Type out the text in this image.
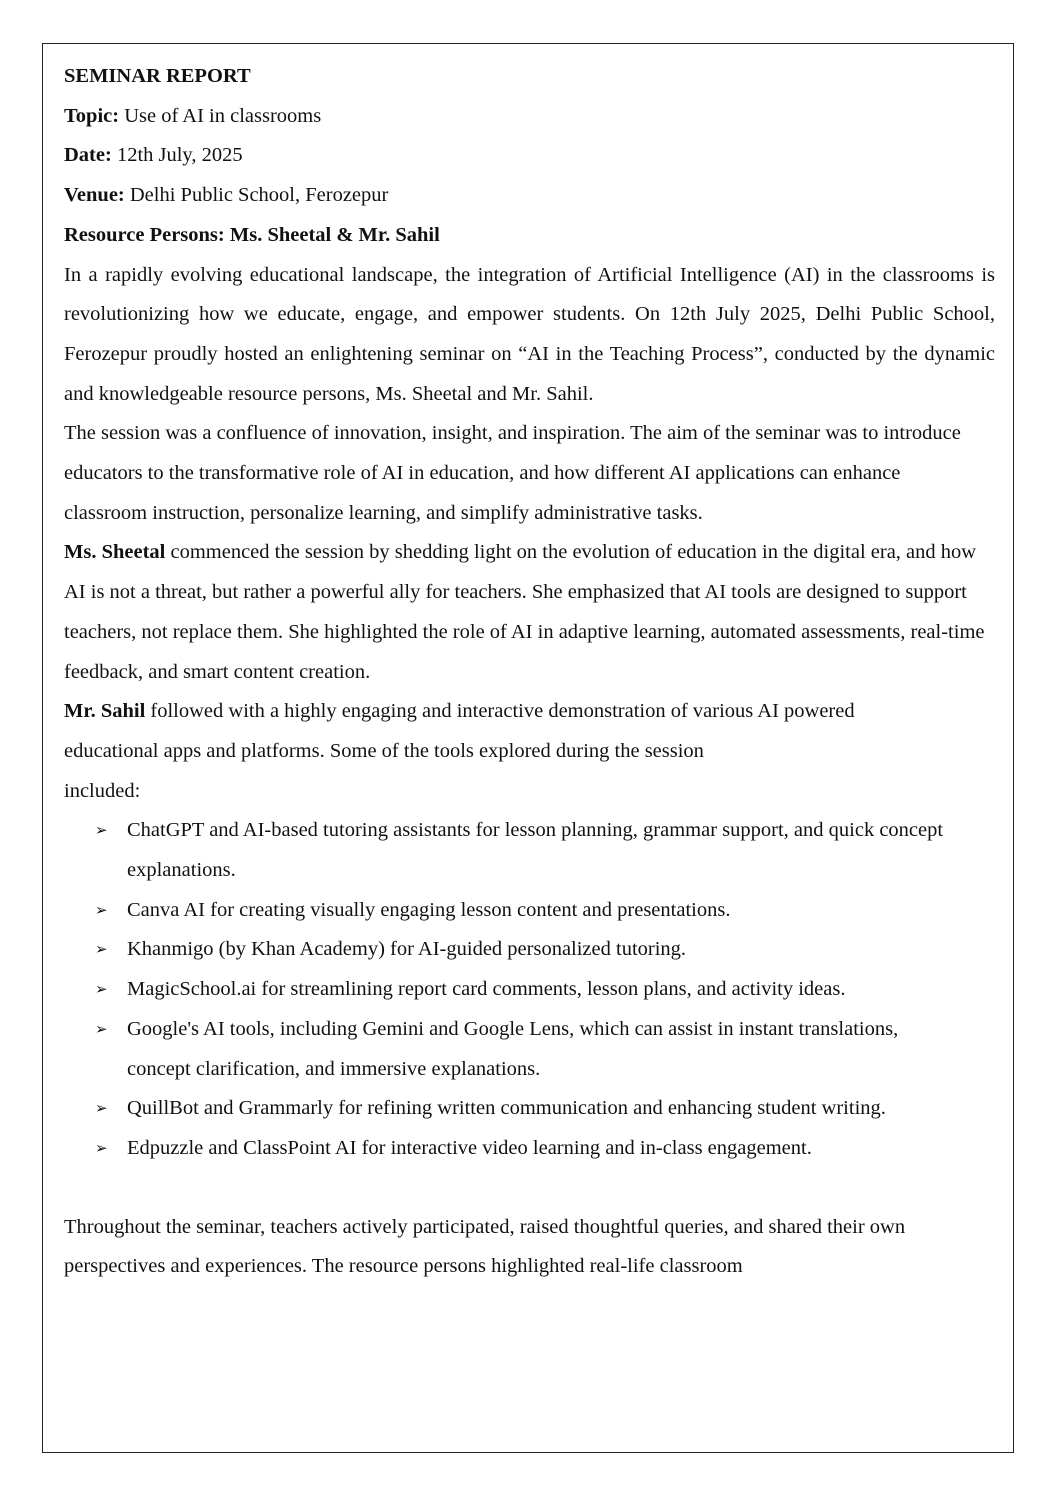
SEMINAR REPORT

Topic: Use of AI in classrooms

Date: 12th July, 2025

Venue: Delhi Public School, Ferozepur

Resource Persons: Ms. Sheetal & Mr. Sahil

In a rapidly evolving educational landscape, the integration of Artificial Intelligence (AI) in the classrooms is revolutionizing how we educate, engage, and empower students. On 12th July 2025, Delhi Public School, Ferozepur proudly hosted an enlightening seminar on “AI in the Teaching Process”, conducted by the dynamic and knowledgeable resource persons, Ms. Sheetal and Mr. Sahil.

The session was a confluence of innovation, insight, and inspiration. The aim of the seminar was to introduce educators to the transformative role of AI in education, and how different AI applications can enhance classroom instruction, personalize learning, and simplify administrative tasks.

Ms. Sheetal commenced the session by shedding light on the evolution of education in the digital era, and how AI is not a threat, but rather a powerful ally for teachers. She emphasized that AI tools are designed to support teachers, not replace them. She highlighted the role of AI in adaptive learning, automated assessments, real-time feedback, and smart content creation.

Mr. Sahil followed with a highly engaging and interactive demonstration of various AI powered educational apps and platforms. Some of the tools explored during the session

included:

➢ ChatGPT and AI-based tutoring assistants for lesson planning, grammar support, and quick concept explanations.
➢ Canva AI for creating visually engaging lesson content and presentations.
➢ Khanmigo (by Khan Academy) for AI-guided personalized tutoring.
➢ MagicSchool.ai for streamlining report card comments, lesson plans, and activity ideas.
➢ Google's AI tools, including Gemini and Google Lens, which can assist in instant translations, concept clarification, and immersive explanations.
➢ QuillBot and Grammarly for refining written communication and enhancing student writing.
➢ Edpuzzle and ClassPoint AI for interactive video learning and in-class engagement.

Throughout the seminar, teachers actively participated, raised thoughtful queries, and shared their own perspectives and experiences. The resource persons highlighted real-life classroom
